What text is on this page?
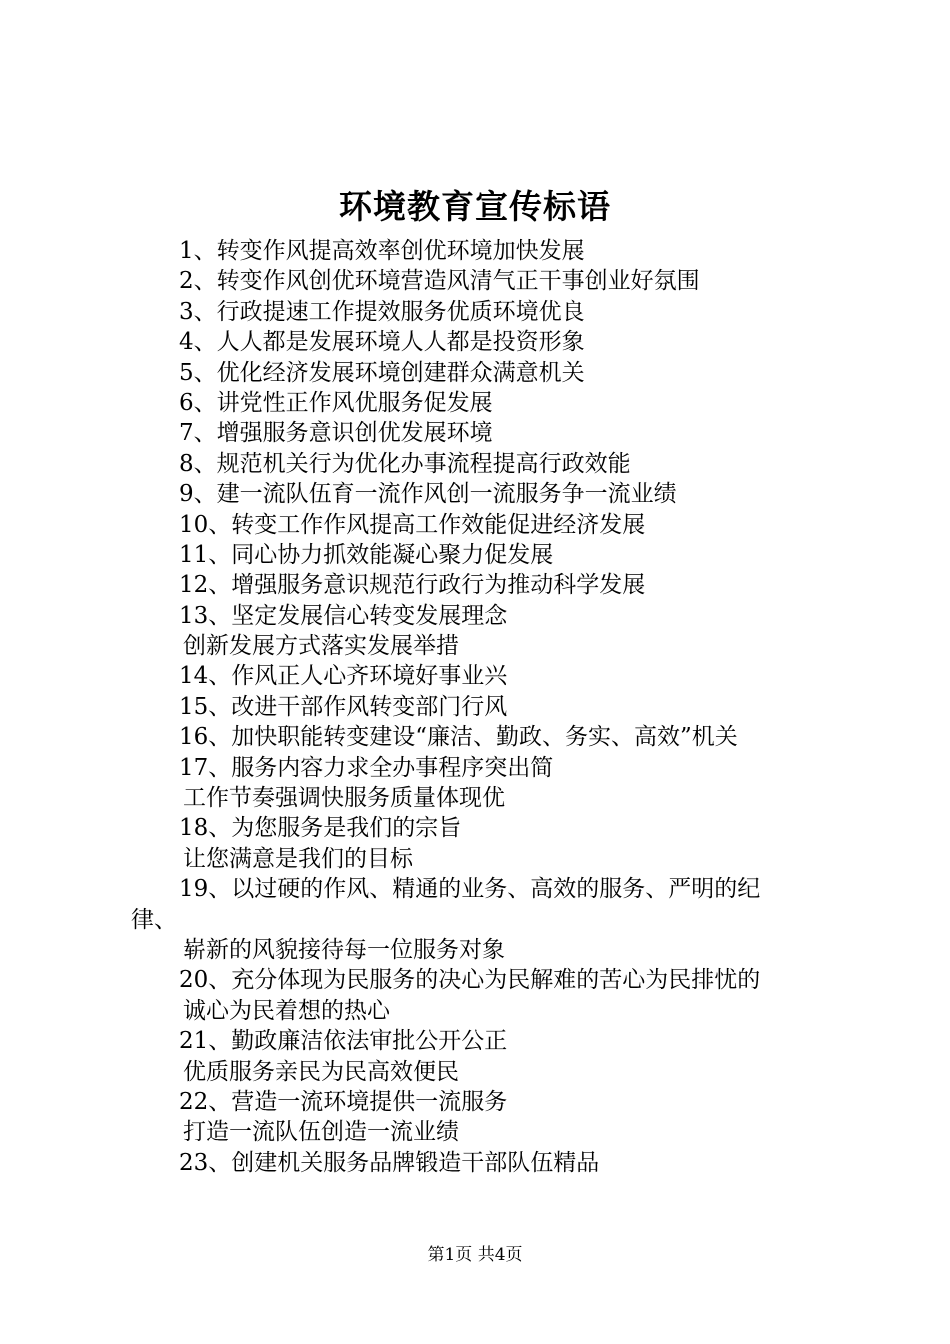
环境教育宣传标语
1、转变作风提高效率创优环境加快发展
2、转变作风创优环境营造风清气正干事创业好氛围
3、行政提速工作提效服务优质环境优良
4、人人都是发展环境人人都是投资形象
5、优化经济发展环境创建群众满意机关
6、讲党性正作风优服务促发展
7、增强服务意识创优发展环境
8、规范机关行为优化办事流程提高行政效能
9、建一流队伍育一流作风创一流服务争一流业绩
10、转变工作作风提高工作效能促进经济发展
11、同心协力抓效能凝心聚力促发展
12、增强服务意识规范行政行为推动科学发展
13、坚定发展信心转变发展理念
创新发展方式落实发展举措
14、作风正人心齐环境好事业兴
15、改进干部作风转变部门行风
16、加快职能转变建设“廉洁、勤政、务实、高效”机关
17、服务内容力求全办事程序突出简
工作节奏强调快服务质量体现优
18、为您服务是我们的宗旨
让您满意是我们的目标
19、以过硬的作风、精通的业务、高效的服务、严明的纪
律、
崭新的风貌接待每一位服务对象
20、充分体现为民服务的决心为民解难的苦心为民排忧的
诚心为民着想的热心
21、勤政廉洁依法审批公开公正
优质服务亲民为民高效便民
22、营造一流环境提供一流服务
打造一流队伍创造一流业绩
23、创建机关服务品牌锻造干部队伍精品
第1页 共4页
